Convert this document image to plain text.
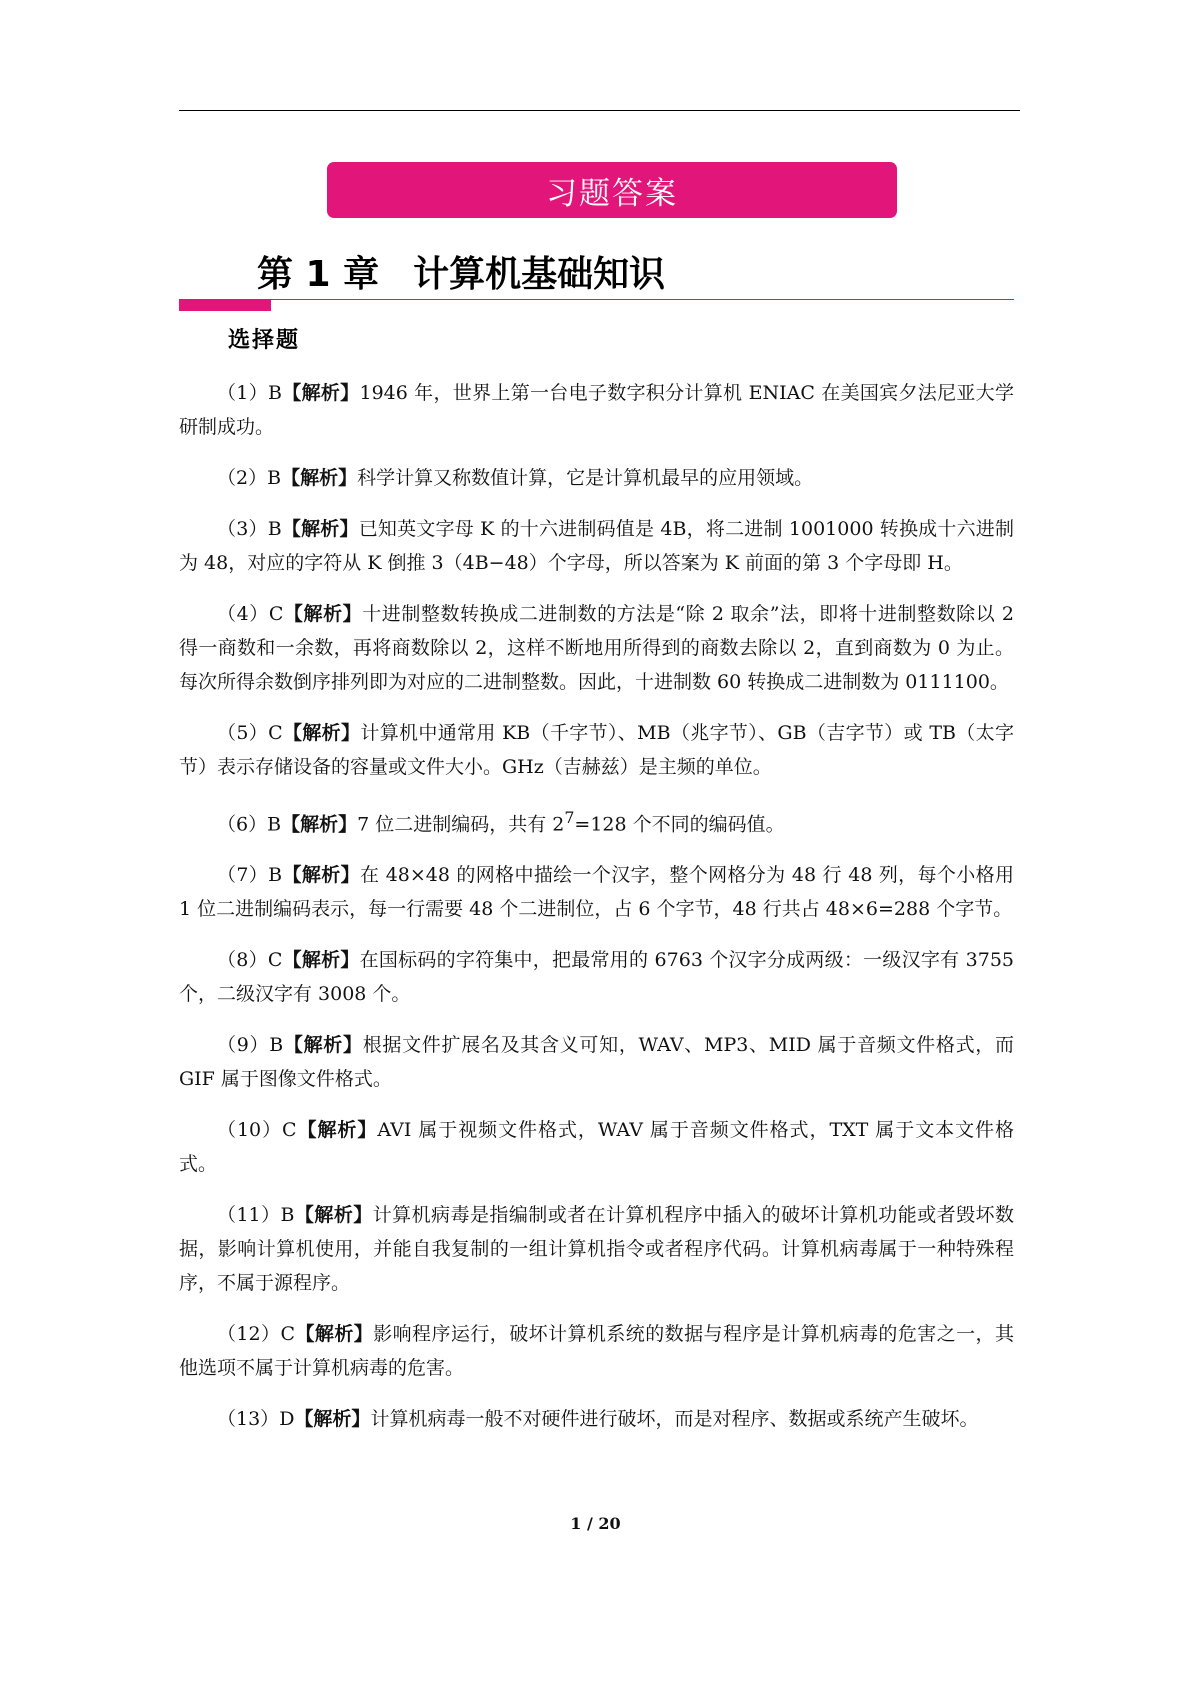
习题答案
第 1 章 计算机基础知识
选择题

（1）B【解析】1946 年，世界上第一台电子数字积分计算机 ENIAC 在美国宾夕法尼亚大学研制成功。

（2）B【解析】科学计算又称数值计算，它是计算机最早的应用领域。

（3）B【解析】已知英文字母 K 的十六进制码值是 4B，将二进制 1001000 转换成十六进制为 48，对应的字符从 K 倒推 3（4B−48）个字母，所以答案为 K 前面的第 3 个字母即 H。

（4）C【解析】十进制整数转换成二进制数的方法是“除 2 取余”法，即将十进制整数除以 2 得一商数和一余数，再将商数除以 2，这样不断地用所得到的商数去除以 2，直到商数为 0 为止。每次所得余数倒序排列即为对应的二进制整数。因此，十进制数 60 转换成二进制数为 0111100。

（5）C【解析】计算机中通常用 KB（千字节）、MB（兆字节）、GB（吉字节）或 TB（太字节）表示存储设备的容量或文件大小。GHz（吉赫兹）是主频的单位。

（6）B【解析】7 位二进制编码，共有 $2^7=128$ 个不同的编码值。

（7）B【解析】在 48×48 的网格中描绘一个汉字，整个网格分为 48 行 48 列，每个小格用 1 位二进制编码表示，每一行需要 48 个二进制位，占 6 个字节，48 行共占 48×6=288 个字节。

（8）C【解析】在国标码的字符集中，把最常用的 6763 个汉字分成两级：一级汉字有 3755 个，二级汉字有 3008 个。

（9）B【解析】根据文件扩展名及其含义可知，WAV、MP3、MID 属于音频文件格式，而 GIF 属于图像文件格式。

（10）C【解析】AVI 属于视频文件格式，WAV 属于音频文件格式，TXT 属于文本文件格式。

（11）B【解析】计算机病毒是指编制或者在计算机程序中插入的破坏计算机功能或者毁坏数据，影响计算机使用，并能自我复制的一组计算机指令或者程序代码。计算机病毒属于一种特殊程序，不属于源程序。

（12）C【解析】影响程序运行，破坏计算机系统的数据与程序是计算机病毒的危害之一，其他选项不属于计算机病毒的危害。

（13）D【解析】计算机病毒一般不对硬件进行破坏，而是对程序、数据或系统产生破坏。

1 / 20
